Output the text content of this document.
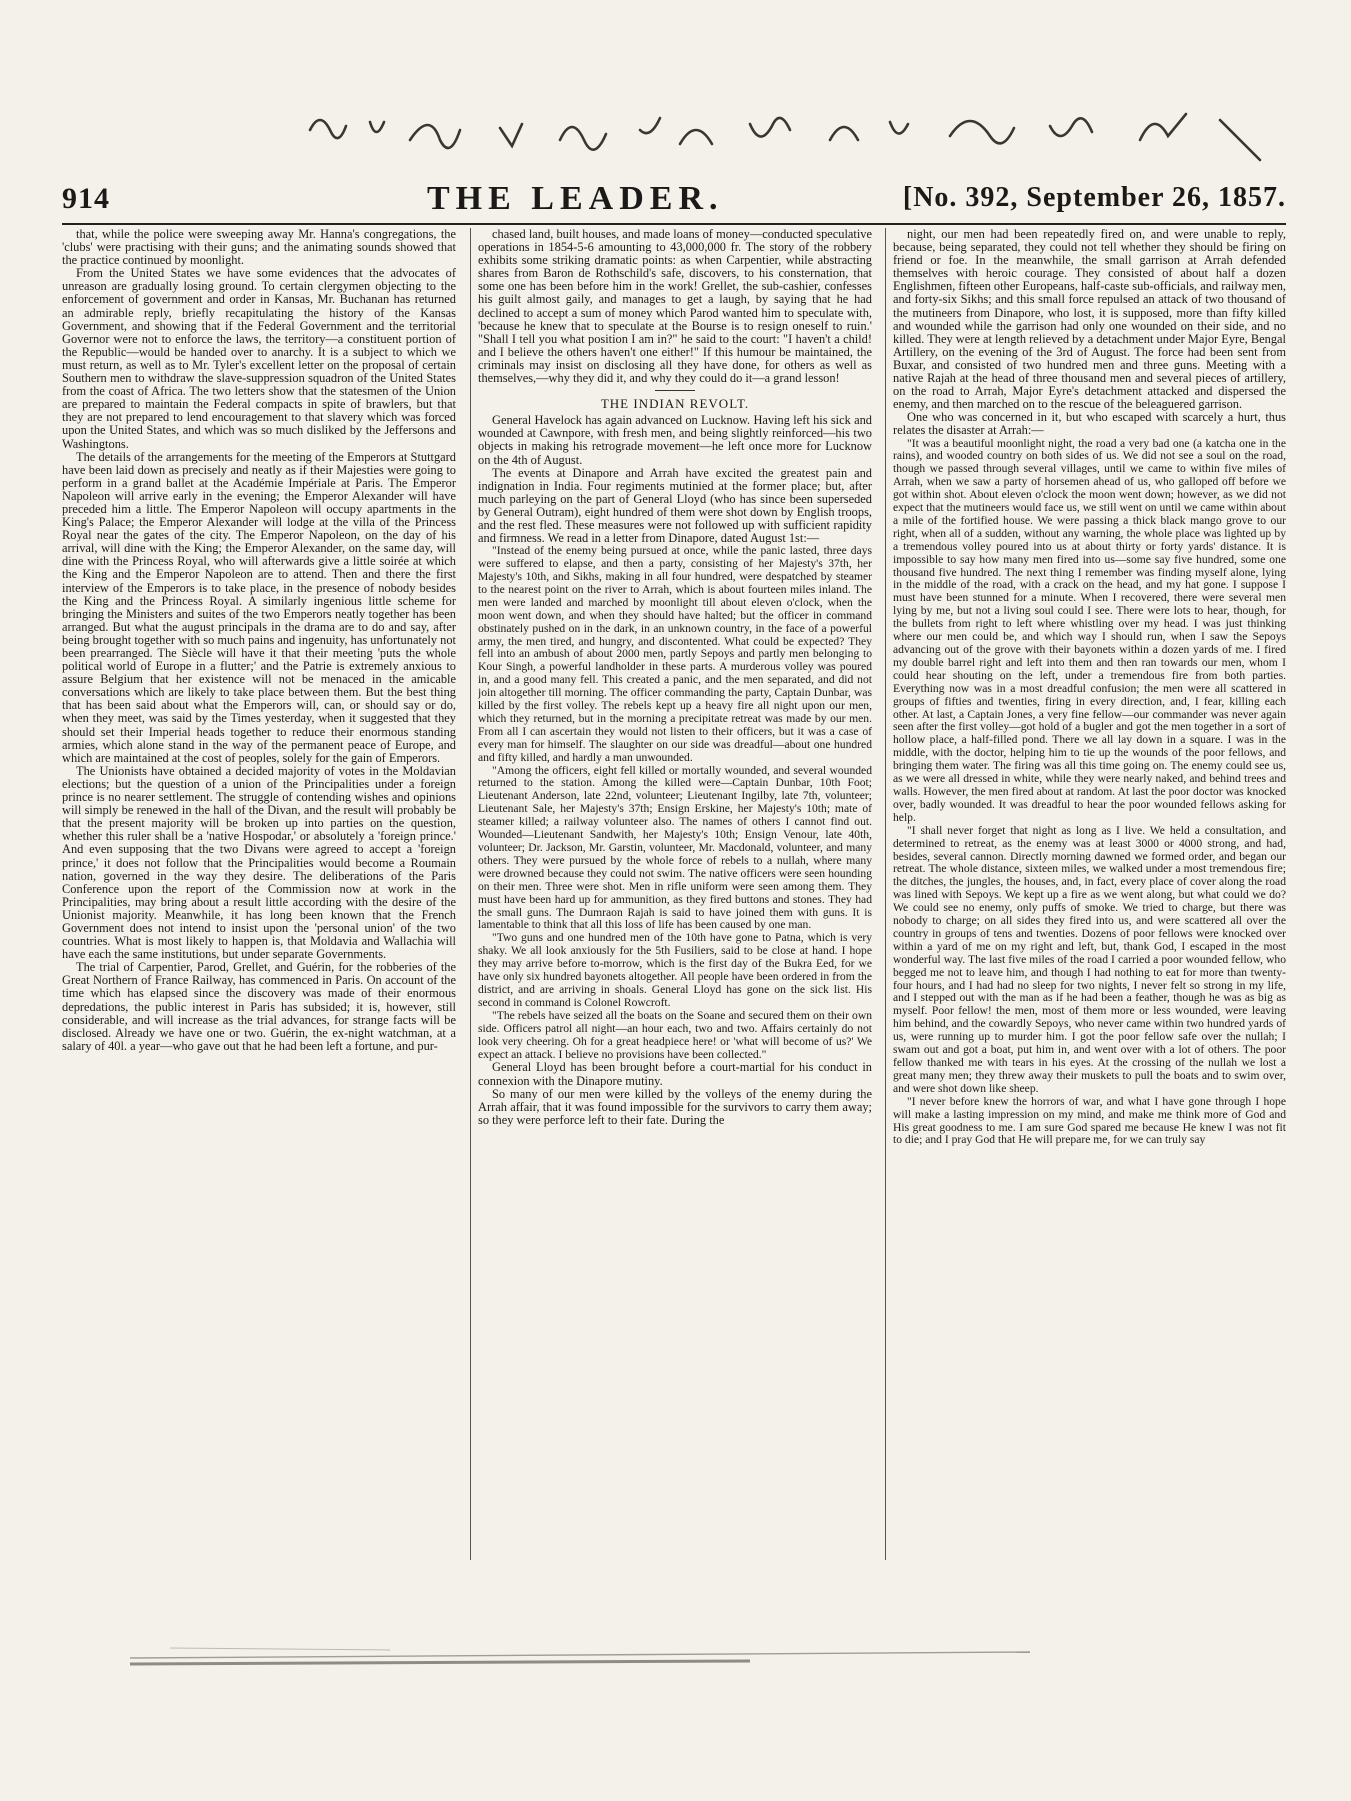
914	THE LEADER.	[No. 392, September 26, 1857.

that, while the police were sweeping away Mr. Hanna's congregations, the 'clubs' were practising with their guns; and the animating sounds showed that the practice continued by moonlight.

From the United States we have some evidences that the advocates of unreason are gradually losing ground. To certain clergymen objecting to the enforcement of government and order in Kansas, Mr. Buchanan has returned an admirable reply, briefly recapitulating the history of the Kansas Government, and showing that if the Federal Government and the territorial Governor were not to enforce the laws, the territory—a constituent portion of the Republic—would be handed over to anarchy. It is a subject to which we must return, as well as to Mr. Tyler's excellent letter on the proposal of certain Southern men to withdraw the slave-suppression squadron of the United States from the coast of Africa. The two letters show that the statesmen of the Union are prepared to maintain the Federal compacts in spite of brawlers, but that they are not prepared to lend encouragement to that slavery which was forced upon the United States, and which was so much disliked by the Jeffersons and Washingtons.

The details of the arrangements for the meeting of the Emperors at Stuttgard have been laid down as precisely and neatly as if their Majesties were going to perform in a grand ballet at the Académie Impériale at Paris. The Emperor Napoleon will arrive early in the evening; the Emperor Alexander will have preceded him a little. The Emperor Napoleon will occupy apartments in the King's Palace; the Emperor Alexander will lodge at the villa of the Princess Royal near the gates of the city. The Emperor Napoleon, on the day of his arrival, will dine with the King; the Emperor Alexander, on the same day, will dine with the Princess Royal, who will afterwards give a little soirée at which the King and the Emperor Napoleon are to attend. Then and there the first interview of the Emperors is to take place, in the presence of nobody besides the King and the Princess Royal. A similarly ingenious little scheme for bringing the Ministers and suites of the two Emperors neatly together has been arranged. But what the august principals in the drama are to do and say, after being brought together with so much pains and ingenuity, has unfortunately not been prearranged. The Siècle will have it that their meeting 'puts the whole political world of Europe in a flutter;' and the Patrie is extremely anxious to assure Belgium that her existence will not be menaced in the amicable conversations which are likely to take place between them. But the best thing that has been said about what the Emperors will, can, or should say or do, when they meet, was said by the Times yesterday, when it suggested that they should set their Imperial heads together to reduce their enormous standing armies, which alone stand in the way of the permanent peace of Europe, and which are maintained at the cost of peoples, solely for the gain of Emperors.

The Unionists have obtained a decided majority of votes in the Moldavian elections; but the question of a union of the Principalities under a foreign prince is no nearer settlement. The struggle of contending wishes and opinions will simply be renewed in the hall of the Divan, and the result will probably be that the present majority will be broken up into parties on the question, whether this ruler shall be a 'native Hospodar,' or absolutely a 'foreign prince.' And even supposing that the two Divans were agreed to accept a 'foreign prince,' it does not follow that the Principalities would become a Roumain nation, governed in the way they desire. The deliberations of the Paris Conference upon the report of the Commission now at work in the Principalities, may bring about a result little according with the desire of the Unionist majority. Meanwhile, it has long been known that the French Government does not intend to insist upon the 'personal union' of the two countries. What is most likely to happen is, that Moldavia and Wallachia will have each the same institutions, but under separate Governments.

The trial of Carpentier, Parod, Grellet, and Guérin, for the robberies of the Great Northern of France Railway, has commenced in Paris. On account of the time which has elapsed since the discovery was made of their enormous depredations, the public interest in Paris has subsided; it is, however, still considerable, and will increase as the trial advances, for strange facts will be disclosed. Already we have one or two. Guérin, the ex-night watchman, at a salary of 40l. a year—who gave out that he had been left a fortune, and pur-

chased land, built houses, and made loans of money—conducted speculative operations in 1854-5-6 amounting to 43,000,000 fr. The story of the robbery exhibits some striking dramatic points: as when Carpentier, while abstracting shares from Baron de Rothschild's safe, discovers, to his consternation, that some one has been before him in the work! Grellet, the sub-cashier, confesses his guilt almost gaily, and manages to get a laugh, by saying that he had declined to accept a sum of money which Parod wanted him to speculate with, 'because he knew that to speculate at the Bourse is to resign oneself to ruin.' "Shall I tell you what position I am in?" he said to the court: "I haven't a child! and I believe the others haven't one either!" If this humour be maintained, the criminals may insist on disclosing all they have done, for others as well as themselves,—why they did it, and why they could do it—a grand lesson!

THE INDIAN REVOLT.

General Havelock has again advanced on Lucknow. Having left his sick and wounded at Cawnpore, with fresh men, and being slightly reinforced—his two objects in making his retrograde movement—he left once more for Lucknow on the 4th of August.

The events at Dinapore and Arrah have excited the greatest pain and indignation in India. Four regiments mutinied at the former place; but, after much parleying on the part of General Lloyd (who has since been superseded by General Outram), eight hundred of them were shot down by English troops, and the rest fled. These measures were not followed up with sufficient rapidity and firmness. We read in a letter from Dinapore, dated August 1st:—

"Instead of the enemy being pursued at once, while the panic lasted, three days were suffered to elapse, and then a party, consisting of her Majesty's 37th, her Majesty's 10th, and Sikhs, making in all four hundred, were despatched by steamer to the nearest point on the river to Arrah, which is about fourteen miles inland. The men were landed and marched by moonlight till about eleven o'clock, when the moon went down, and when they should have halted; but the officer in command obstinately pushed on in the dark, in an unknown country, in the face of a powerful army, the men tired, and hungry, and discontented. What could be expected? They fell into an ambush of about 2000 men, partly Sepoys and partly men belonging to Kour Singh, a powerful landholder in these parts. A murderous volley was poured in, and a good many fell. This created a panic, and the men separated, and did not join altogether till morning. The officer commanding the party, Captain Dunbar, was killed by the first volley. The rebels kept up a heavy fire all night upon our men, which they returned, but in the morning a precipitate retreat was made by our men. From all I can ascertain they would not listen to their officers, but it was a case of every man for himself. The slaughter on our side was dreadful—about one hundred and fifty killed, and hardly a man unwounded.

"Among the officers, eight fell killed or mortally wounded, and several wounded returned to the station. Among the killed were—Captain Dunbar, 10th Foot; Lieutenant Anderson, late 22nd, volunteer; Lieutenant Ingilby, late 7th, volunteer; Lieutenant Sale, her Majesty's 37th; Ensign Erskine, her Majesty's 10th; mate of steamer killed; a railway volunteer also. The names of others I cannot find out. Wounded—Lieutenant Sandwith, her Majesty's 10th; Ensign Venour, late 40th, volunteer; Dr. Jackson, Mr. Garstin, volunteer, Mr. Macdonald, volunteer, and many others. They were pursued by the whole force of rebels to a nullah, where many were drowned because they could not swim. The native officers were seen hounding on their men. Three were shot. Men in rifle uniform were seen among them. They must have been hard up for ammunition, as they fired buttons and stones. They had the small guns. The Dumraon Rajah is said to have joined them with guns. It is lamentable to think that all this loss of life has been caused by one man.

"Two guns and one hundred men of the 10th have gone to Patna, which is very shaky. We all look anxiously for the 5th Fusiliers, said to be close at hand. I hope they may arrive before to-morrow, which is the first day of the Bukra Eed, for we have only six hundred bayonets altogether. All people have been ordered in from the district, and are arriving in shoals. General Lloyd has gone on the sick list. His second in command is Colonel Rowcroft.

"The rebels have seized all the boats on the Soane and secured them on their own side. Officers patrol all night—an hour each, two and two. Affairs certainly do not look very cheering. Oh for a great headpiece here! or 'what will become of us?' We expect an attack. I believe no provisions have been collected."

General Lloyd has been brought before a court-martial for his conduct in connexion with the Dinapore mutiny.

So many of our men were killed by the volleys of the enemy during the Arrah affair, that it was found impossible for the survivors to carry them away; so they were perforce left to their fate. During the

night, our men had been repeatedly fired on, and were unable to reply, because, being separated, they could not tell whether they should be firing on friend or foe. In the meanwhile, the small garrison at Arrah defended themselves with heroic courage. They consisted of about half a dozen Englishmen, fifteen other Europeans, half-caste sub-officials, and railway men, and forty-six Sikhs; and this small force repulsed an attack of two thousand of the mutineers from Dinapore, who lost, it is supposed, more than fifty killed and wounded while the garrison had only one wounded on their side, and no killed. They were at length relieved by a detachment under Major Eyre, Bengal Artillery, on the evening of the 3rd of August. The force had been sent from Buxar, and consisted of two hundred men and three guns. Meeting with a native Rajah at the head of three thousand men and several pieces of artillery, on the road to Arrah, Major Eyre's detachment attacked and dispersed the enemy, and then marched on to the rescue of the beleaguered garrison.

One who was concerned in it, but who escaped with scarcely a hurt, thus relates the disaster at Arrah:—

"It was a beautiful moonlight night, the road a very bad one (a katcha one in the rains), and wooded country on both sides of us. We did not see a soul on the road, though we passed through several villages, until we came to within five miles of Arrah, when we saw a party of horsemen ahead of us, who galloped off before we got within shot. About eleven o'clock the moon went down; however, as we did not expect that the mutineers would face us, we still went on until we came within about a mile of the fortified house. We were passing a thick black mango grove to our right, when all of a sudden, without any warning, the whole place was lighted up by a tremendous volley poured into us at about thirty or forty yards' distance. It is impossible to say how many men fired into us—some say five hundred, some one thousand five hundred. The next thing I remember was finding myself alone, lying in the middle of the road, with a crack on the head, and my hat gone. I suppose I must have been stunned for a minute. When I recovered, there were several men lying by me, but not a living soul could I see. There were lots to hear, though, for the bullets from right to left where whistling over my head. I was just thinking where our men could be, and which way I should run, when I saw the Sepoys advancing out of the grove with their bayonets within a dozen yards of me. I fired my double barrel right and left into them and then ran towards our men, whom I could hear shouting on the left, under a tremendous fire from both parties. Everything now was in a most dreadful confusion; the men were all scattered in groups of fifties and twenties, firing in every direction, and, I fear, killing each other. At last, a Captain Jones, a very fine fellow—our commander was never again seen after the first volley—got hold of a bugler and got the men together in a sort of hollow place, a half-filled pond. There we all lay down in a square. I was in the middle, with the doctor, helping him to tie up the wounds of the poor fellows, and bringing them water. The firing was all this time going on. The enemy could see us, as we were all dressed in white, while they were nearly naked, and behind trees and walls. However, the men fired about at random. At last the poor doctor was knocked over, badly wounded. It was dreadful to hear the poor wounded fellows asking for help.

"I shall never forget that night as long as I live. We held a consultation, and determined to retreat, as the enemy was at least 3000 or 4000 strong, and had, besides, several cannon. Directly morning dawned we formed order, and began our retreat. The whole distance, sixteen miles, we walked under a most tremendous fire; the ditches, the jungles, the houses, and, in fact, every place of cover along the road was lined with Sepoys. We kept up a fire as we went along, but what could we do? We could see no enemy, only puffs of smoke. We tried to charge, but there was nobody to charge; on all sides they fired into us, and were scattered all over the country in groups of tens and twenties. Dozens of poor fellows were knocked over within a yard of me on my right and left, but, thank God, I escaped in the most wonderful way. The last five miles of the road I carried a poor wounded fellow, who begged me not to leave him, and though I had nothing to eat for more than twenty-four hours, and I had had no sleep for two nights, I never felt so strong in my life, and I stepped out with the man as if he had been a feather, though he was as big as myself. Poor fellow! the men, most of them more or less wounded, were leaving him behind, and the cowardly Sepoys, who never came within two hundred yards of us, were running up to murder him. I got the poor fellow safe over the nullah; I swam out and got a boat, put him in, and went over with a lot of others. The poor fellow thanked me with tears in his eyes. At the crossing of the nullah we lost a great many men; they threw away their muskets to pull the boats and to swim over, and were shot down like sheep.

"I never before knew the horrors of war, and what I have gone through I hope will make a lasting impression on my mind, and make me think more of God and His great goodness to me. I am sure God spared me because He knew I was not fit to die; and I pray God that He will prepare me, for we can truly say
